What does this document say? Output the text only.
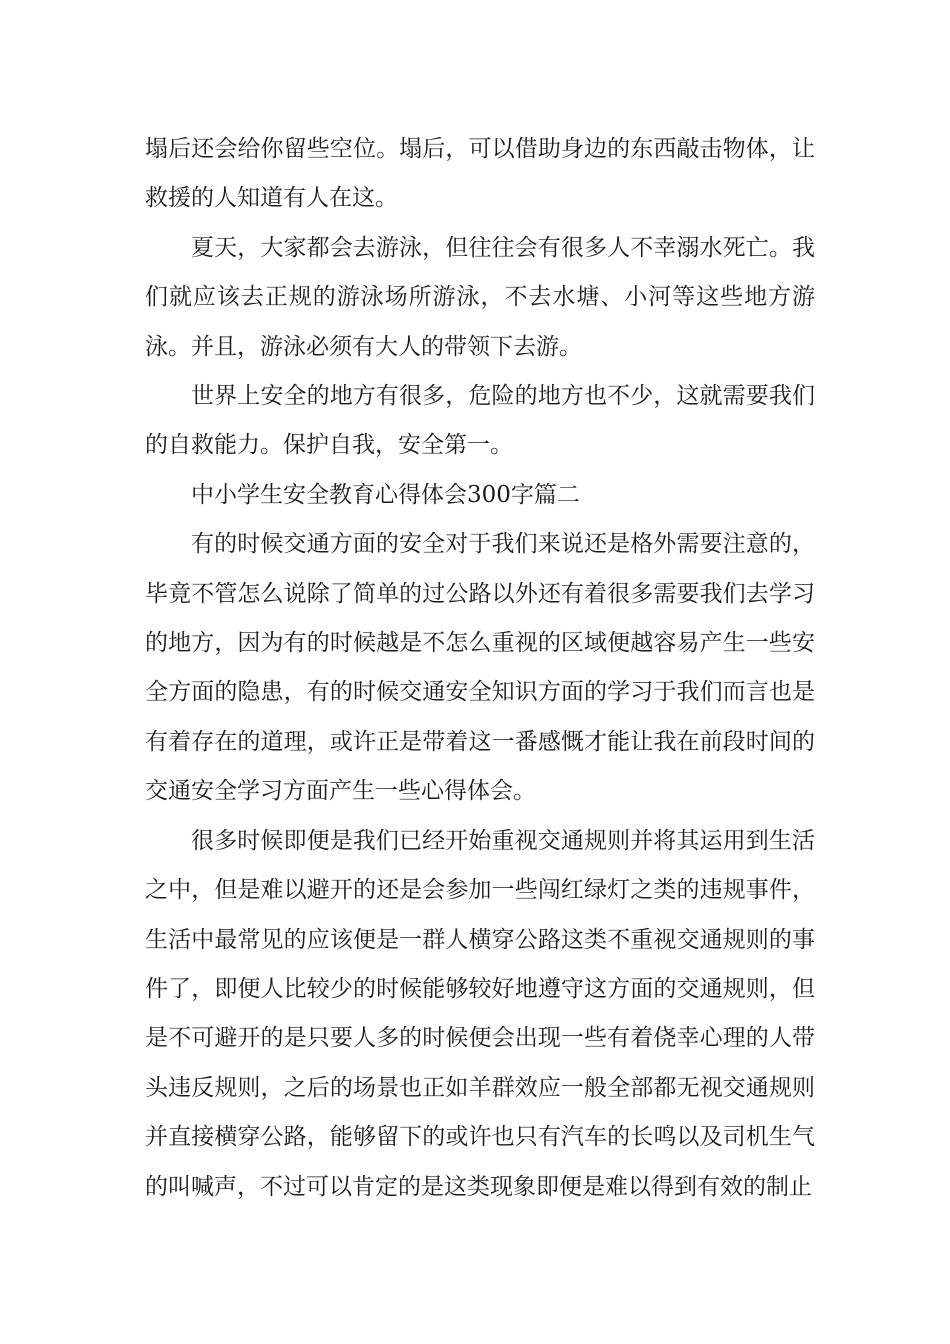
塌后还会给你留些空位。塌后，可以借助身边的东西敲击物体，让救援的人知道有人在这。

夏天，大家都会去游泳，但往往会有很多人不幸溺水死亡。我们就应该去正规的游泳场所游泳，不去水塘、小河等这些地方游泳。并且，游泳必须有大人的带领下去游。

世界上安全的地方有很多，危险的地方也不少，这就需要我们的自救能力。保护自我，安全第一。

中小学生安全教育心得体会300字篇二

有的时候交通方面的安全对于我们来说还是格外需要注意的，毕竟不管怎么说除了简单的过公路以外还有着很多需要我们去学习的地方，因为有的时候越是不怎么重视的区域便越容易产生一些安全方面的隐患，有的时候交通安全知识方面的学习于我们而言也是有着存在的道理，或许正是带着这一番感慨才能让我在前段时间的交通安全学习方面产生一些心得体会。

很多时候即便是我们已经开始重视交通规则并将其运用到生活之中，但是难以避开的还是会参加一些闯红绿灯之类的违规事件，生活中最常见的应该便是一群人横穿公路这类不重视交通规则的事件了，即便人比较少的时候能够较好地遵守这方面的交通规则，但是不可避开的是只要人多的时候便会出现一些有着侥幸心理的人带头违反规则，之后的场景也正如羊群效应一般全部都无视交通规则并直接横穿公路，能够留下的或许也只有汽车的长鸣以及司机生气的叫喊声，不过可以肯定的是这类现象即便是难以得到有效的制止
